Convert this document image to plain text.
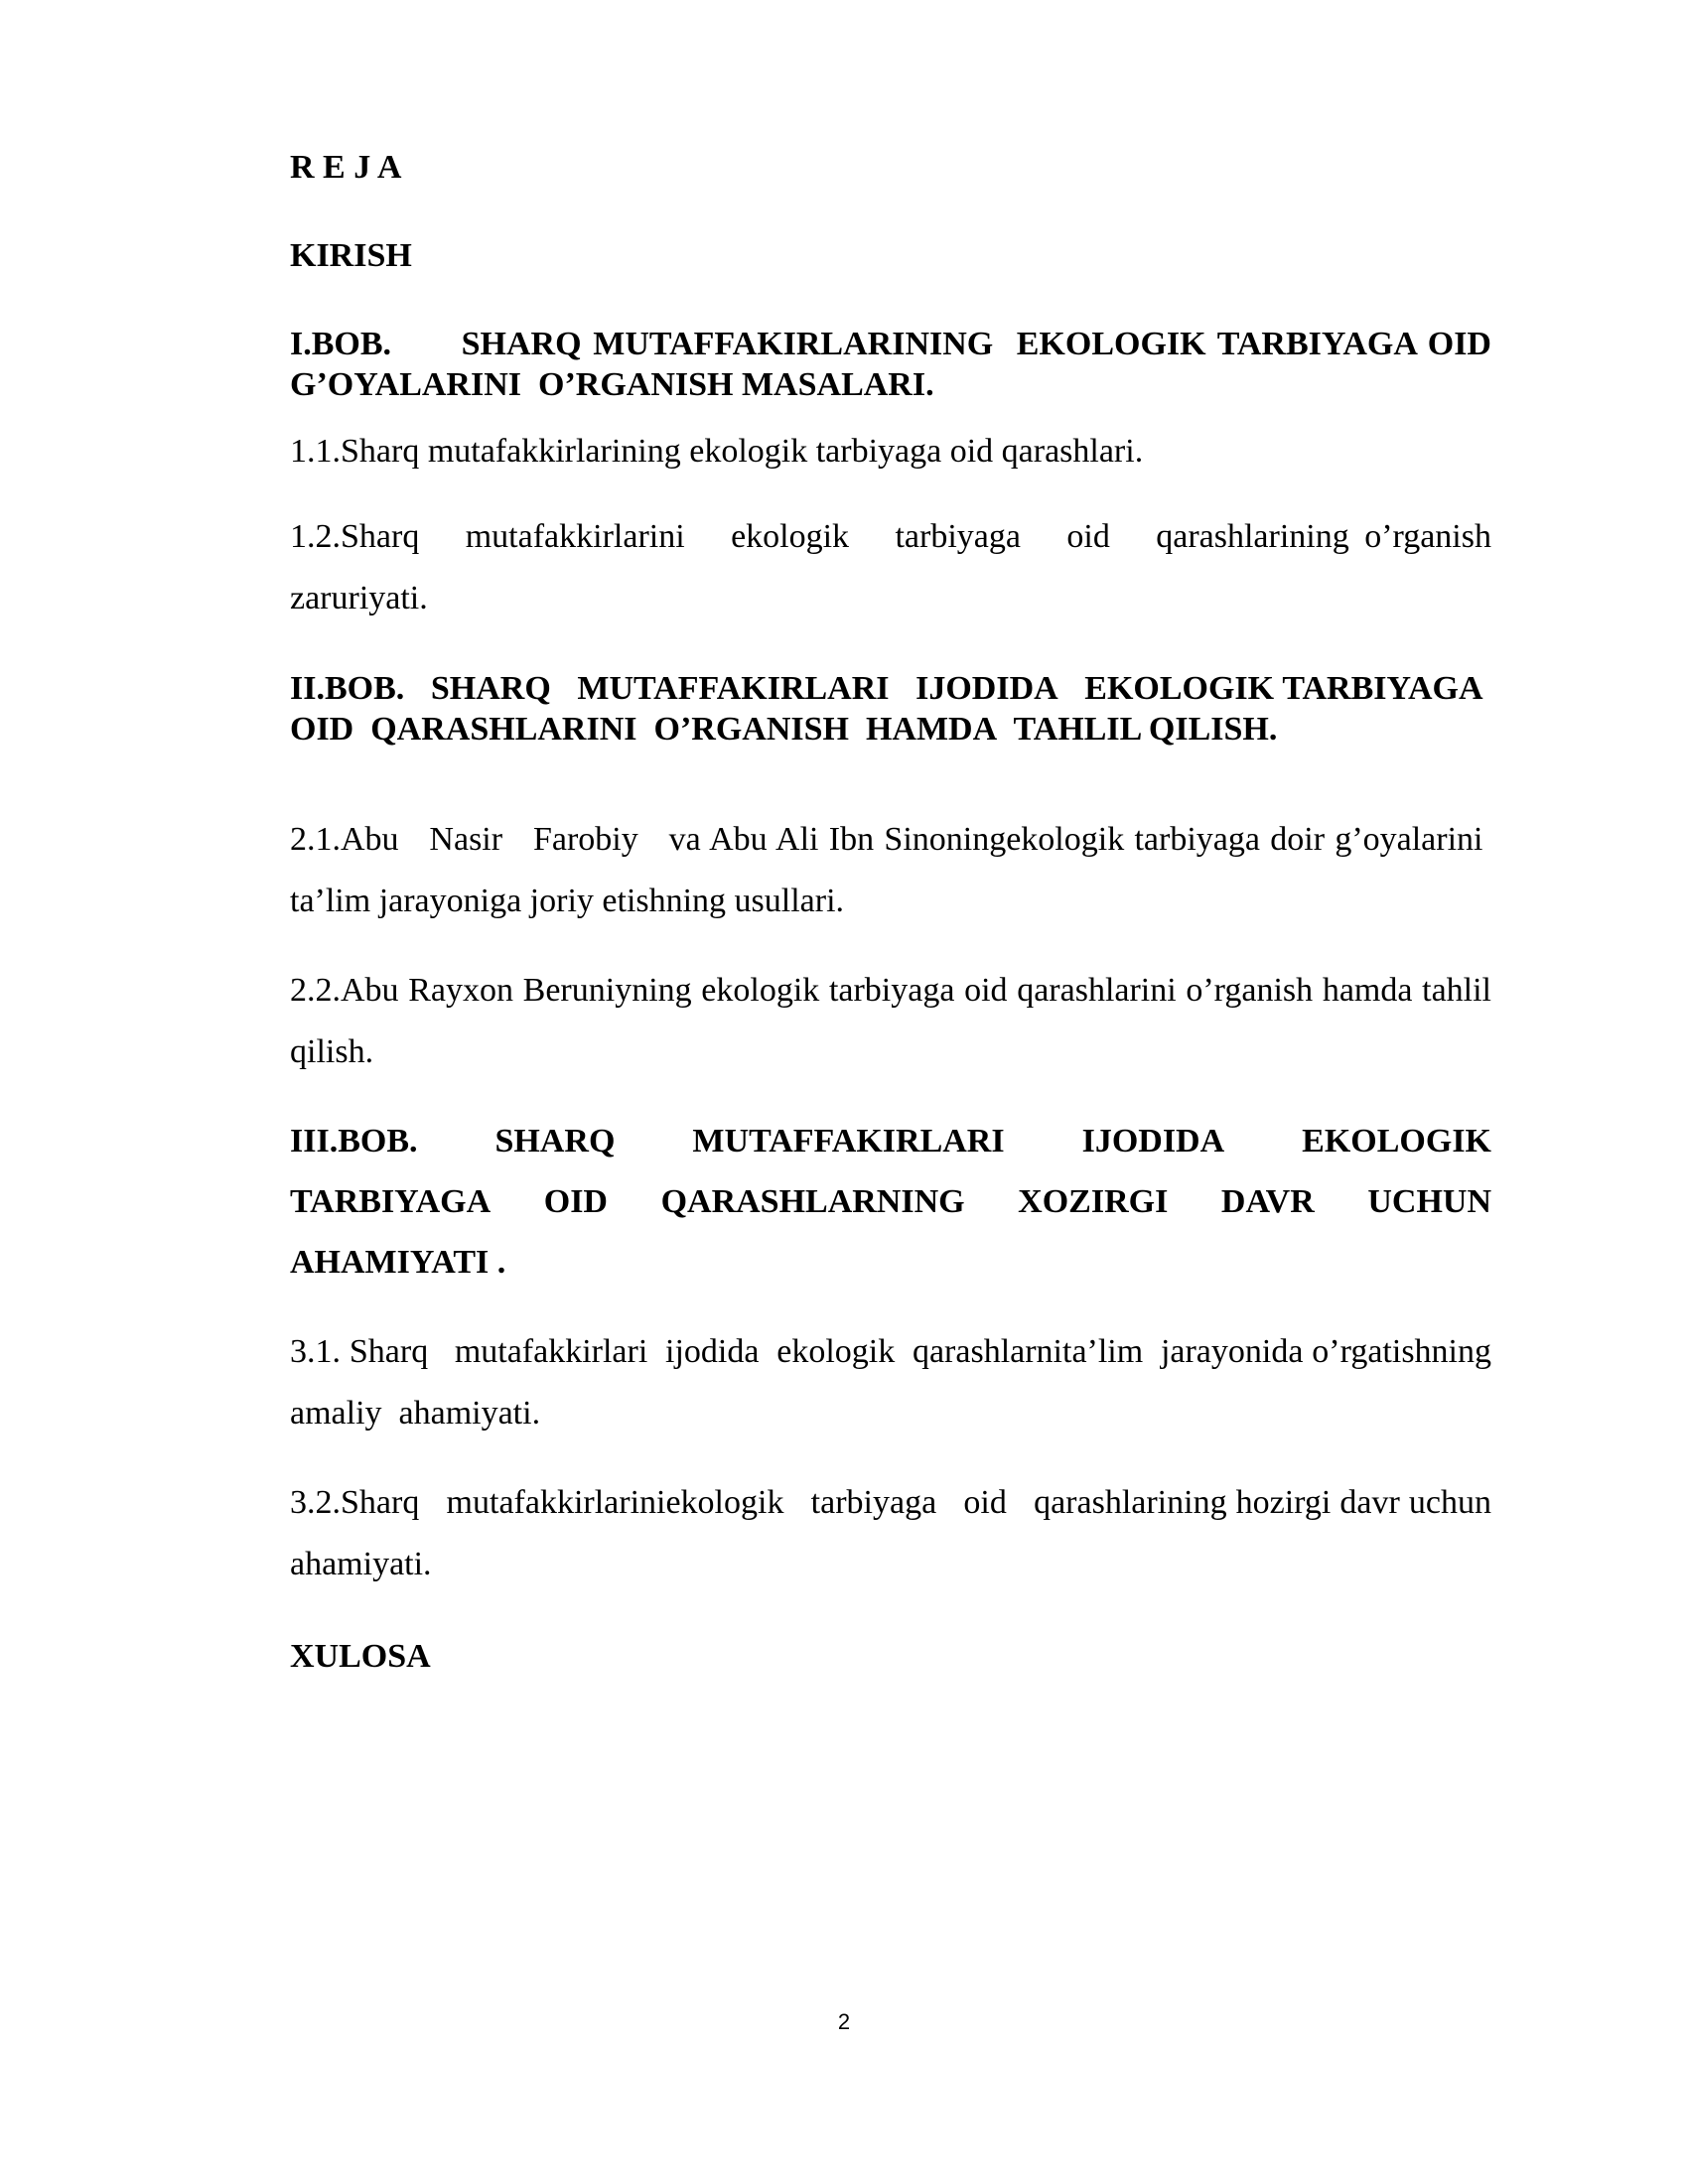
R E J A
KIRISH
I.BOB.      SHARQ MUTAFFAKIRLARINING  EKOLOGIK TARBIYAGA OID G’OYALARINI  O’RGANISH MASALARI.

1.1.Sharq mutafakkirlarining ekologik tarbiyaga oid qarashlari.

1.2.Sharq   mutafakkirlarini   ekologik   tarbiyaga   oid   qarashlarining o’rganish zaruriyati.

II.BOB.   SHARQ   MUTAFFAKIRLARI   IJODIDA   EKOLOGIK TARBIYAGA  OID  QARASHLARINI  O’RGANISH  HAMDA  TAHLIL QILISH.

2.1.Abu   Nasir   Farobiy   va Abu Ali Ibn Sinoningekologik tarbiyaga doir g’oyalarini  ta’lim jarayoniga joriy etishning usullari.

2.2.Abu Rayxon Beruniyning ekologik tarbiyaga oid qarashlarini o’rganish hamda tahlil qilish.

III.BOB.   SHARQ   MUTAFFAKIRLARI   IJODIDA   EKOLOGIK TARBIYAGA  OID  QARASHLARNING  XOZIRGI  DAVR  UCHUN AHAMIYATI .

3.1. Sharq   mutafakkirlari  ijodida  ekologik  qarashlarnita’lim  jarayonida o’rgatishning amaliy  ahamiyati.

3.2.Sharq   mutafakkirlariniekologik   tarbiyaga   oid   qarashlarining hozirgi davr uchun ahamiyati.

XULOSA
2
